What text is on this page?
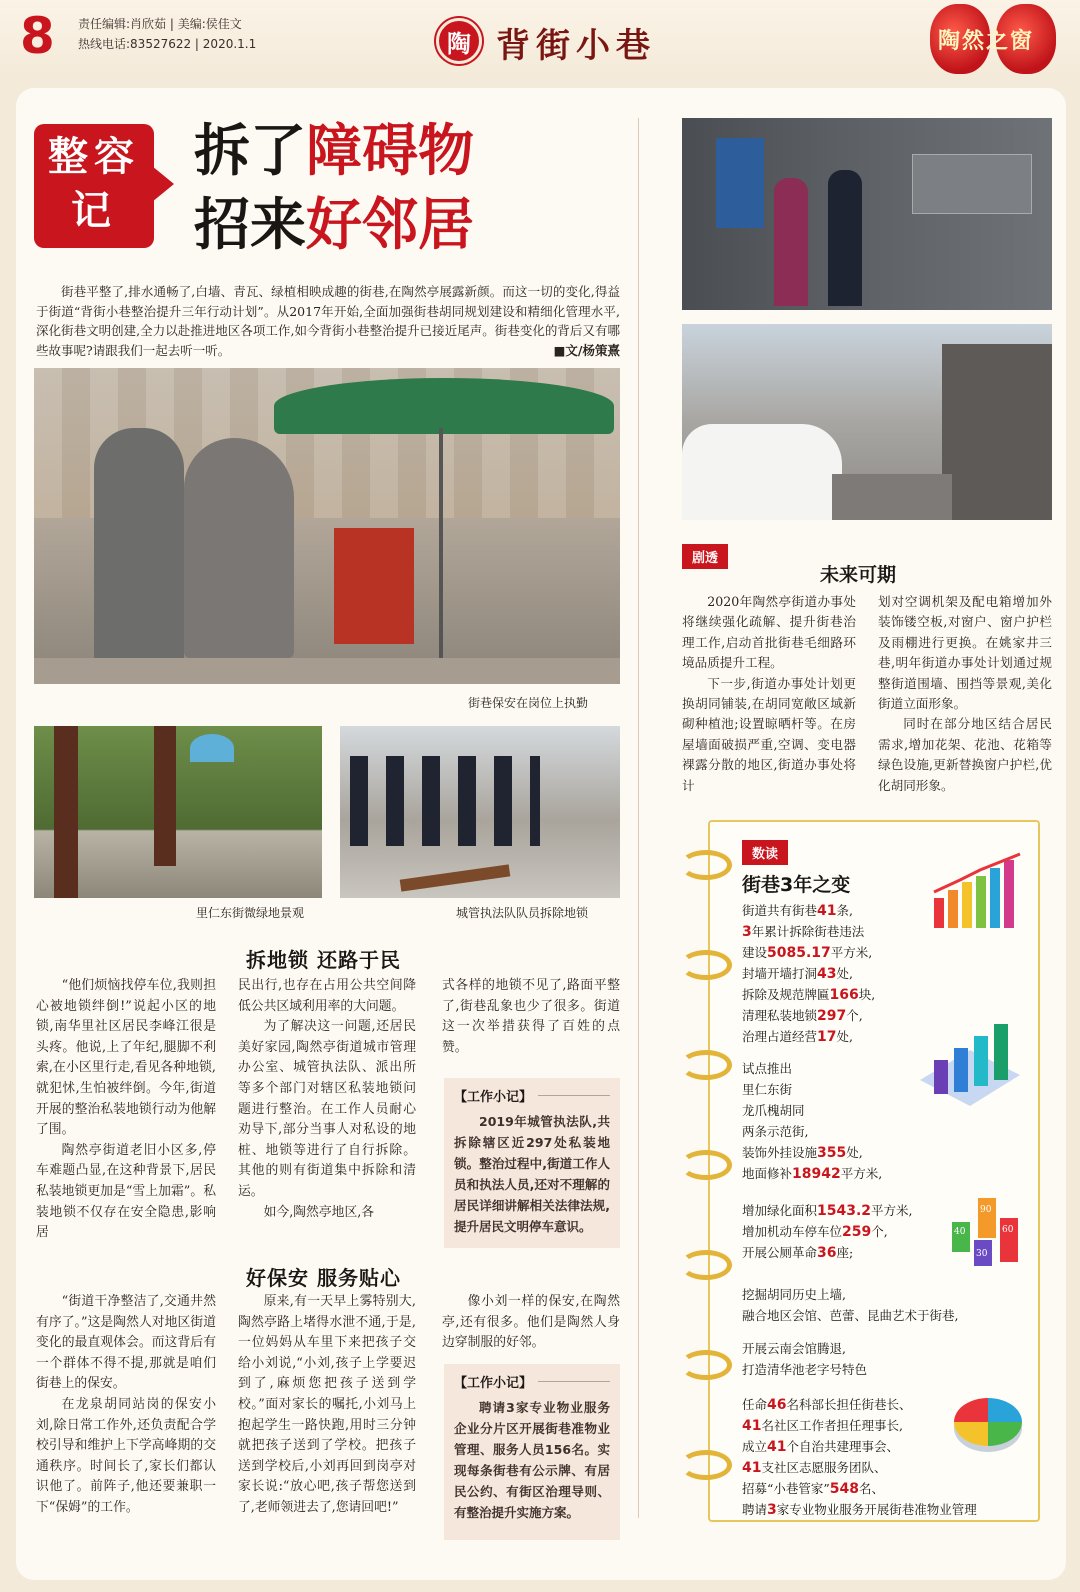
8 责任编辑:肖欣茹 | 美编:侯佳文
热线电话:83527622 | 2020.1.1	陶 背街小巷	陶然之窗
整容
记
拆了障碍物
招来好邻居
街巷平整了,排水通畅了,白墙、青瓦、绿植相映成趣的街巷,在陶然亭展露新颜。而这一切的变化,得益于街道“背街小巷整治提升三年行动计划”。从2017年开始,全面加强街巷胡同规划建设和精细化管理水平,深化街巷文明创建,全力以赴推进地区各项工作,如今背街小巷整治提升已接近尾声。街巷变化的背后又有哪些故事呢?请跟我们一起去听一听。	■文/杨策熹
街巷保安在岗位上执勤
里仁东街微绿地景观	城管执法队队员拆除地锁
拆地锁 还路于民

“他们烦恼找停车位,我则担心被地锁绊倒!”说起小区的地锁,南华里社区居民李峰江很是头疼。他说,上了年纪,腿脚不利索,在小区里行走,看见各种地锁,就犯怵,生怕被绊倒。今年,街道开展的整治私装地锁行动为他解了围。

陶然亭街道老旧小区多,停车难题凸显,在这种背景下,居民私装地锁更加是“雪上加霜”。私装地锁不仅存在安全隐患,影响居

民出行,也存在占用公共空间降低公共区域利用率的大问题。

为了解决这一问题,还居民美好家园,陶然亭街道城市管理办公室、城管执法队、派出所等多个部门对辖区私装地锁问题进行整治。在工作人员耐心劝导下,部分当事人对私设的地桩、地锁等进行了自行拆除。其他的则有街道集中拆除和清运。

如今,陶然亭地区,各

式各样的地锁不见了,路面平整了,街巷乱象也少了很多。街道这一次举措获得了百姓的点赞。

【工作小记】
2019年城管执法队,共拆除辖区近297处私装地锁。整治过程中,街道工作人员和执法人员,还对不理解的居民详细讲解相关法律法规,提升居民文明停车意识。
好保安 服务贴心

“街道干净整洁了,交通井然有序了。”这是陶然人对地区街道变化的最直观体会。而这背后有一个群体不得不提,那就是咱们街巷上的保安。

在龙泉胡同站岗的保安小刘,除日常工作外,还负责配合学校引导和维护上下学高峰期的交通秩序。时间长了,家长们都认识他了。前阵子,他还要兼职一下“保姆”的工作。

原来,有一天早上雾特别大,陶然亭路上堵得水泄不通,于是,一位妈妈从车里下来把孩子交给小刘说,“小刘,孩子上学要迟到了,麻烦您把孩子送到学校。”面对家长的嘱托,小刘马上抱起学生一路快跑,用时三分钟就把孩子送到了学校。把孩子送到学校后,小刘再回到岗亭对家长说:“放心吧,孩子帮您送到了,老师领进去了,您请回吧!”

像小刘一样的保安,在陶然亭,还有很多。他们是陶然人身边穿制服的好邻。

【工作小记】
聘请3家专业物业服务企业分片区开展街巷准物业管理、服务人员156名。实现每条街巷有公示牌、有居民公约、有街区治理导则、有整治提升实施方案。
剧透
未来可期

2020年陶然亭街道办事处将继续强化疏解、提升街巷治理工作,启动首批街巷毛细路环境品质提升工程。

下一步,街道办事处计划更换胡同铺装,在胡同宽敞区域新砌种植池;设置晾晒杆等。在房屋墙面破损严重,空调、变电器裸露分散的地区,街道办事处将计

划对空调机架及配电箱增加外装饰镂空板,对窗户、窗户护栏及雨棚进行更换。在姚家井三巷,明年街道办事处计划通过规整街道围墙、围挡等景观,美化街道立面形象。

同时在部分地区结合居民需求,增加花架、花池、花箱等绿色设施,更新替换窗户护栏,优化胡同形象。

数读
街巷3年之变
街道共有街巷41条,
3年累计拆除街巷违法
建设5085.17平方米,
封墙开墙打洞43处,
拆除及规范牌匾166块,
清理私装地锁297个,
治理占道经营17处,
试点推出
里仁东街
龙爪槐胡同
两条示范街,
装饰外挂设施355处,
地面修补18942平方米,
增加绿化面积1543.2平方米,
增加机动车停车位259个,
开展公厕革命36座;
挖掘胡同历史上墙,
融合地区会馆、芭蕾、昆曲艺术于街巷,
开展云南会馆腾退,
打造清华池老字号特色
任命46名科部长担任街巷长、
41名社区工作者担任理事长,
成立41个自治共建理事会、
41支社区志愿服务团队、
招募“小巷管家”548名、
聘请3家专业物业服务开展街巷准物业管理
90
40	60
30
